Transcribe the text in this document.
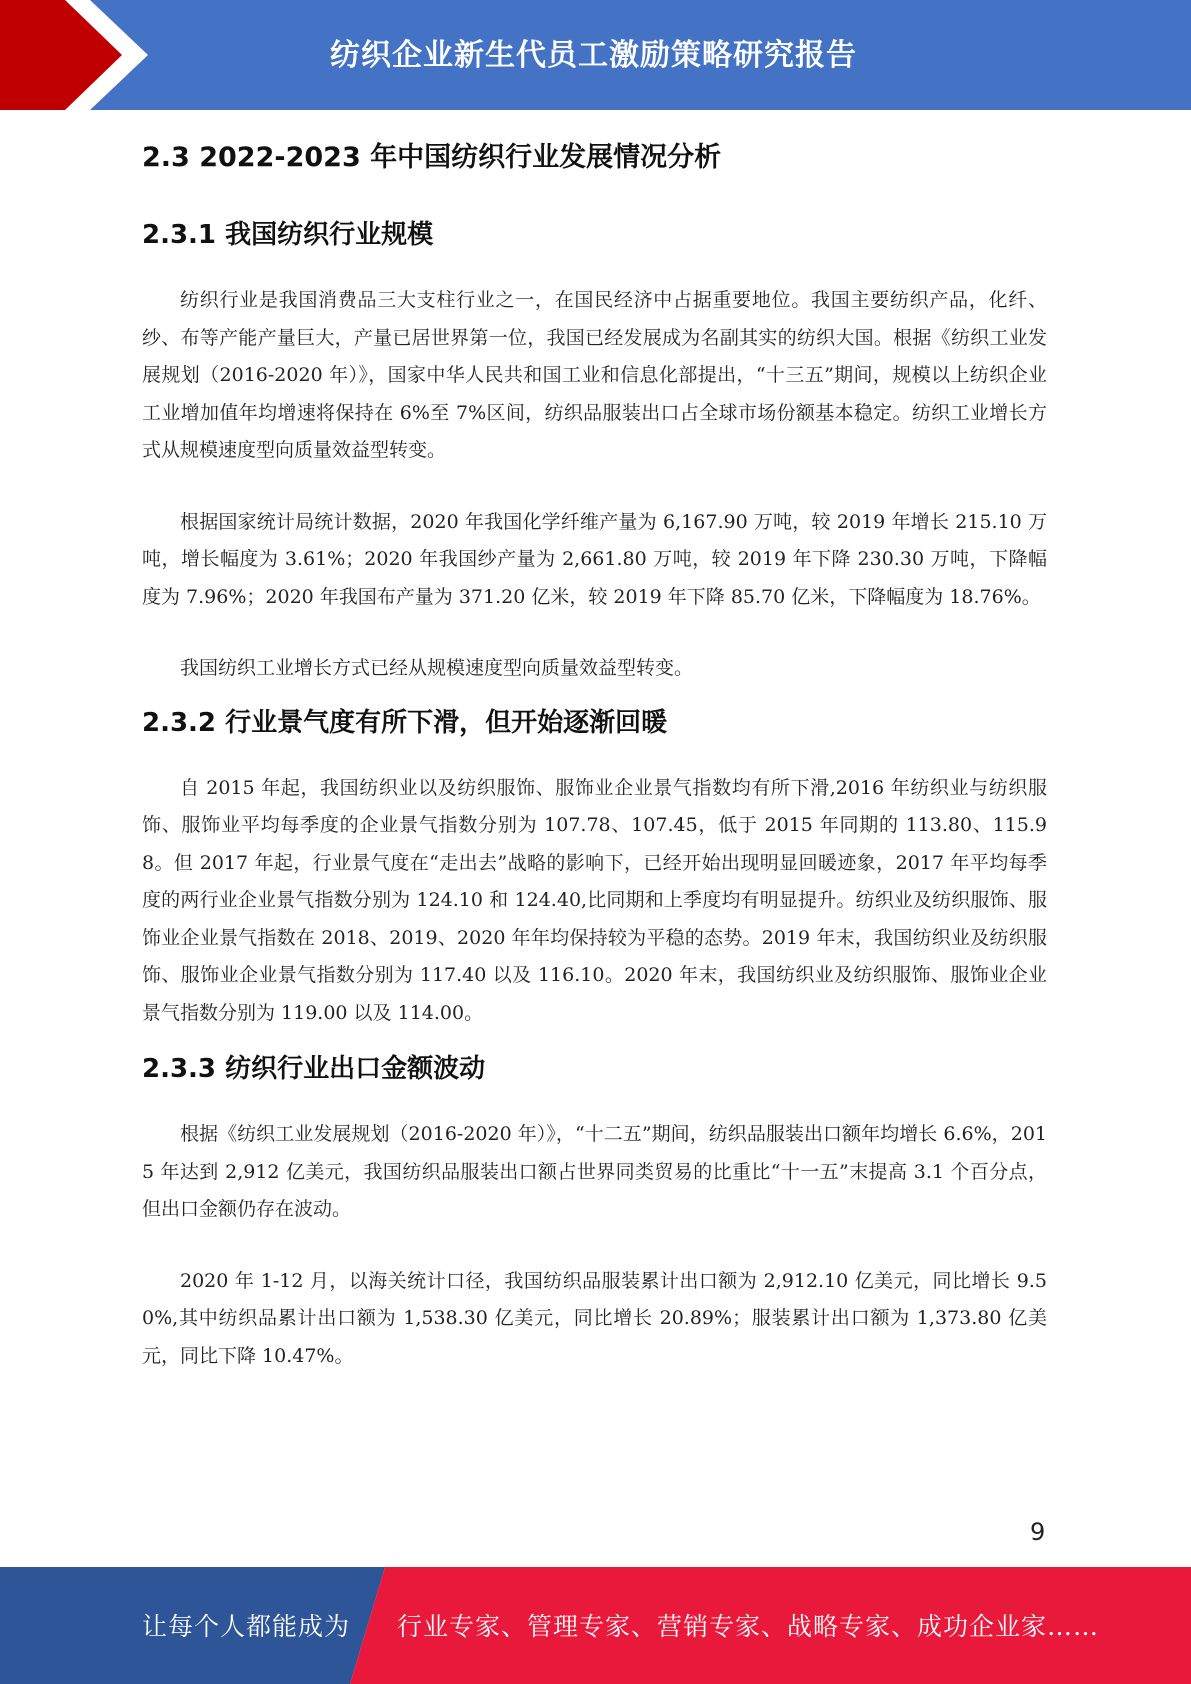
纺织企业新生代员工激励策略研究报告
2.3 2022-2023 年中国纺织行业发展情况分析
2.3.1 我国纺织行业规模

纺织行业是我国消费品三大支柱行业之一，在国民经济中占据重要地位。我国主要纺织产品，化纤、纱、布等产能产量巨大，产量已居世界第一位，我国已经发展成为名副其实的纺织大国。根据《纺织工业发展规划（2016-2020 年）》，国家中华人民共和国工业和信息化部提出，“十三五”期间，规模以上纺织企业工业增加值年均增速将保持在 6%至 7%区间，纺织品服装出口占全球市场份额基本稳定。纺织工业增长方式从规模速度型向质量效益型转变。

根据国家统计局统计数据，2020 年我国化学纤维产量为 6,167.90 万吨，较 2019 年增长 215.10 万吨，增长幅度为 3.61%；2020 年我国纱产量为 2,661.80 万吨，较 2019 年下降 230.30 万吨，下降幅度为 7.96%；2020 年我国布产量为 371.20 亿米，较 2019 年下降 85.70 亿米，下降幅度为 18.76%。

我国纺织工业增长方式已经从规模速度型向质量效益型转变。

2.3.2 行业景气度有所下滑，但开始逐渐回暖

自 2015 年起，我国纺织业以及纺织服饰、服饰业企业景气指数均有所下滑,2016 年纺织业与纺织服饰、服饰业平均每季度的企业景气指数分别为 107.78、107.45，低于 2015 年同期的 113.80、115.98。但 2017 年起，行业景气度在“走出去”战略的影响下，已经开始出现明显回暖迹象，2017 年平均每季度的两行业企业景气指数分别为 124.10 和 124.40,比同期和上季度均有明显提升。纺织业及纺织服饰、服饰业企业景气指数在 2018、2019、2020 年年均保持较为平稳的态势。2019 年末，我国纺织业及纺织服饰、服饰业企业景气指数分别为 117.40 以及 116.10。2020 年末，我国纺织业及纺织服饰、服饰业企业景气指数分别为 119.00 以及 114.00。

2.3.3 纺织行业出口金额波动

根据《纺织工业发展规划（2016-2020 年）》，“十二五”期间，纺织品服装出口额年均增长 6.6%，2015 年达到 2,912 亿美元，我国纺织品服装出口额占世界同类贸易的比重比“十一五”末提高 3.1 个百分点，但出口金额仍存在波动。

2020 年 1-12 月，以海关统计口径，我国纺织品服装累计出口额为 2,912.10 亿美元，同比增长 9.50%,其中纺织品累计出口额为 1,538.30 亿美元，同比增长 20.89%；服装累计出口额为 1,373.80 亿美元，同比下降 10.47%。

9
让每个人都能成为 行业专家、管理专家、营销专家、战略专家、成功企业家……
